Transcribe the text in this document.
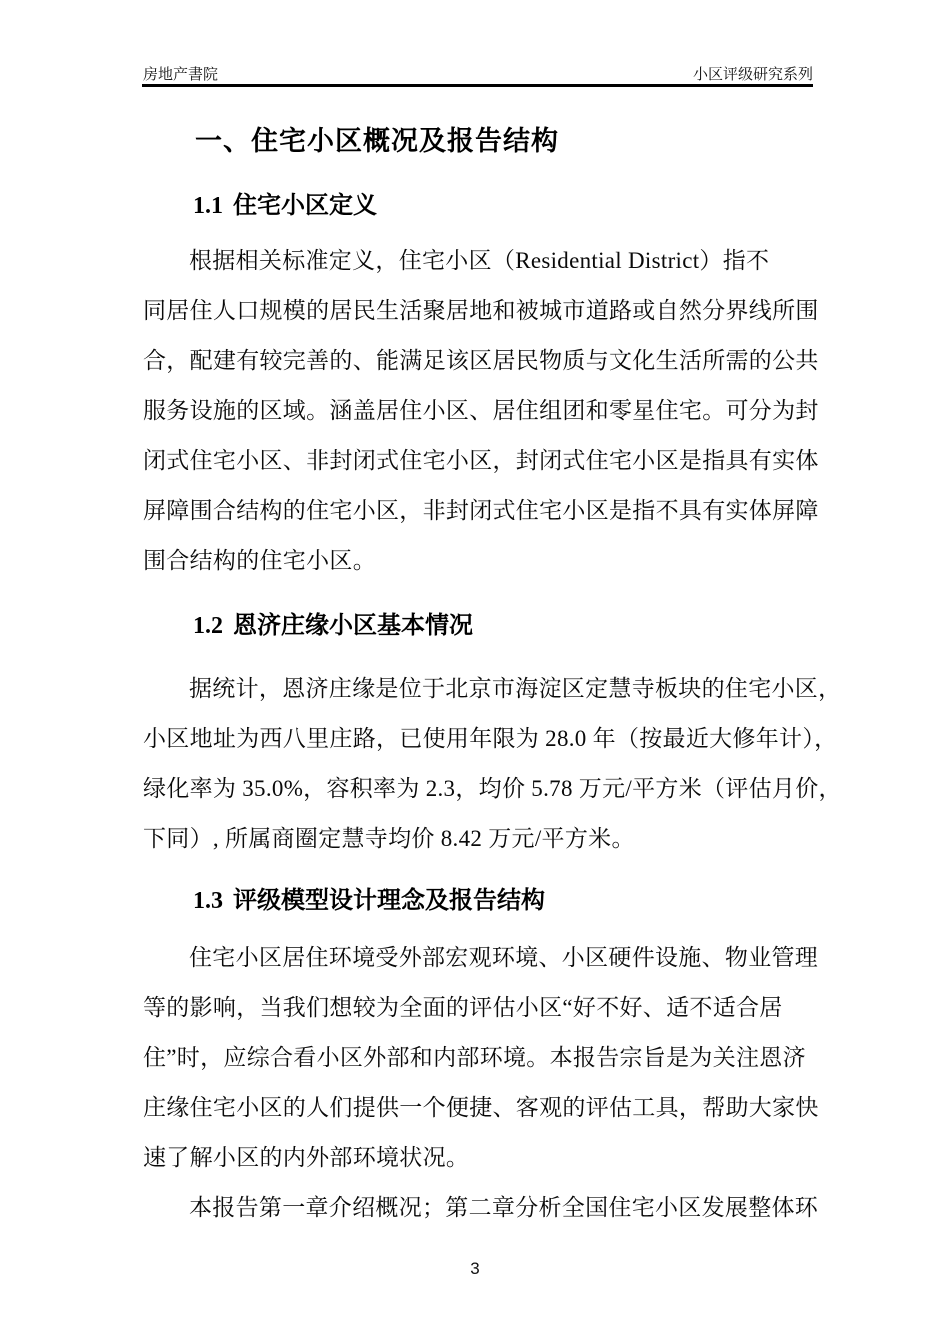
房地产書院	小区评级研究系列
一、住宅小区概况及报告结构
1.1 住宅小区定义
根据相关标准定义，住宅小区（Residential District）指不
同居住人口规模的居民生活聚居地和被城市道路或自然分界线所围
合，配建有较完善的、能满足该区居民物质与文化生活所需的公共
服务设施的区域。涵盖居住小区、居住组团和零星住宅。可分为封
闭式住宅小区、非封闭式住宅小区，封闭式住宅小区是指具有实体
屏障围合结构的住宅小区，非封闭式住宅小区是指不具有实体屏障
围合结构的住宅小区。
1.2 恩济庄缘小区基本情况
据统计，恩济庄缘是位于北京市海淀区定慧寺板块的住宅小区，
小区地址为西八里庄路，已使用年限为 28.0 年（按最近大修年计），
绿化率为 35.0%，容积率为 2.3，均价 5.78 万元/平方米（评估月价，
下同）, 所属商圈定慧寺均价 8.42 万元/平方米。
1.3 评级模型设计理念及报告结构
住宅小区居住环境受外部宏观环境、小区硬件设施、物业管理
等的影响，当我们想较为全面的评估小区“好不好、适不适合居
住”时，应综合看小区外部和内部环境。本报告宗旨是为关注恩济
庄缘住宅小区的人们提供一个便捷、客观的评估工具，帮助大家快
速了解小区的内外部环境状况。
本报告第一章介绍概况；第二章分析全国住宅小区发展整体环
3
